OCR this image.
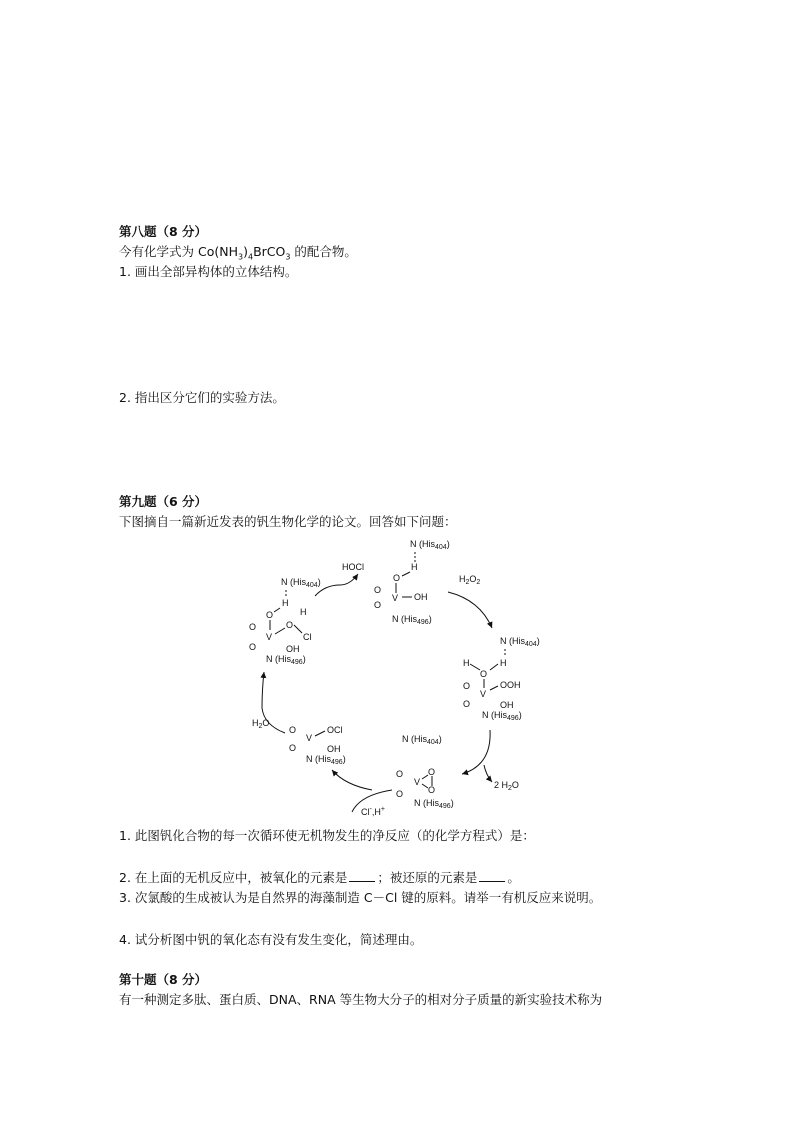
第八题（8 分）
今有化学式为 $Co(NH_3)_4BrCO_3$ 的配合物。
1. 画出全部异构体的立体结构。
2. 指出区分它们的实验方法。
第九题（6 分）
下图摘自一篇新近发表的钒生物化学的论文。回答如下问题：
N (His$_{404}$)
H
O
O
V
O
OH
N (His$_{496}$)
N (His$_{404}$)
H
O
O
V
O
O
H
Cl
OH
N (His$_{496}$)
N (His$_{404}$)
H	H
O
O
V
O
OOH
OH
N (His$_{496}$)
O
V
O
OCl
OH
N (His$_{496}$)
N (His$_{404}$)
O
V
O
O
O
N (His$_{496}$)
HOCl
$H_2O_2$
$H_2O$
2 $H_2O$
Cl-,H+
1. 此图钒化合物的每一次循环使无机物发生的净反应（的化学方程式）是：
2. 在上面的无机反应中，被氧化的元素是 ；被还原的元素是 。
3. 次氯酸的生成被认为是自然界的海藻制造 C－Cl 键的原料。请举一有机反应来说明。
4. 试分析图中钒的氧化态有没有发生变化，简述理由。
第十题（8 分）
有一种测定多肽、蛋白质、DNA、RNA 等生物大分子的相对分子质量的新实验技术称为
